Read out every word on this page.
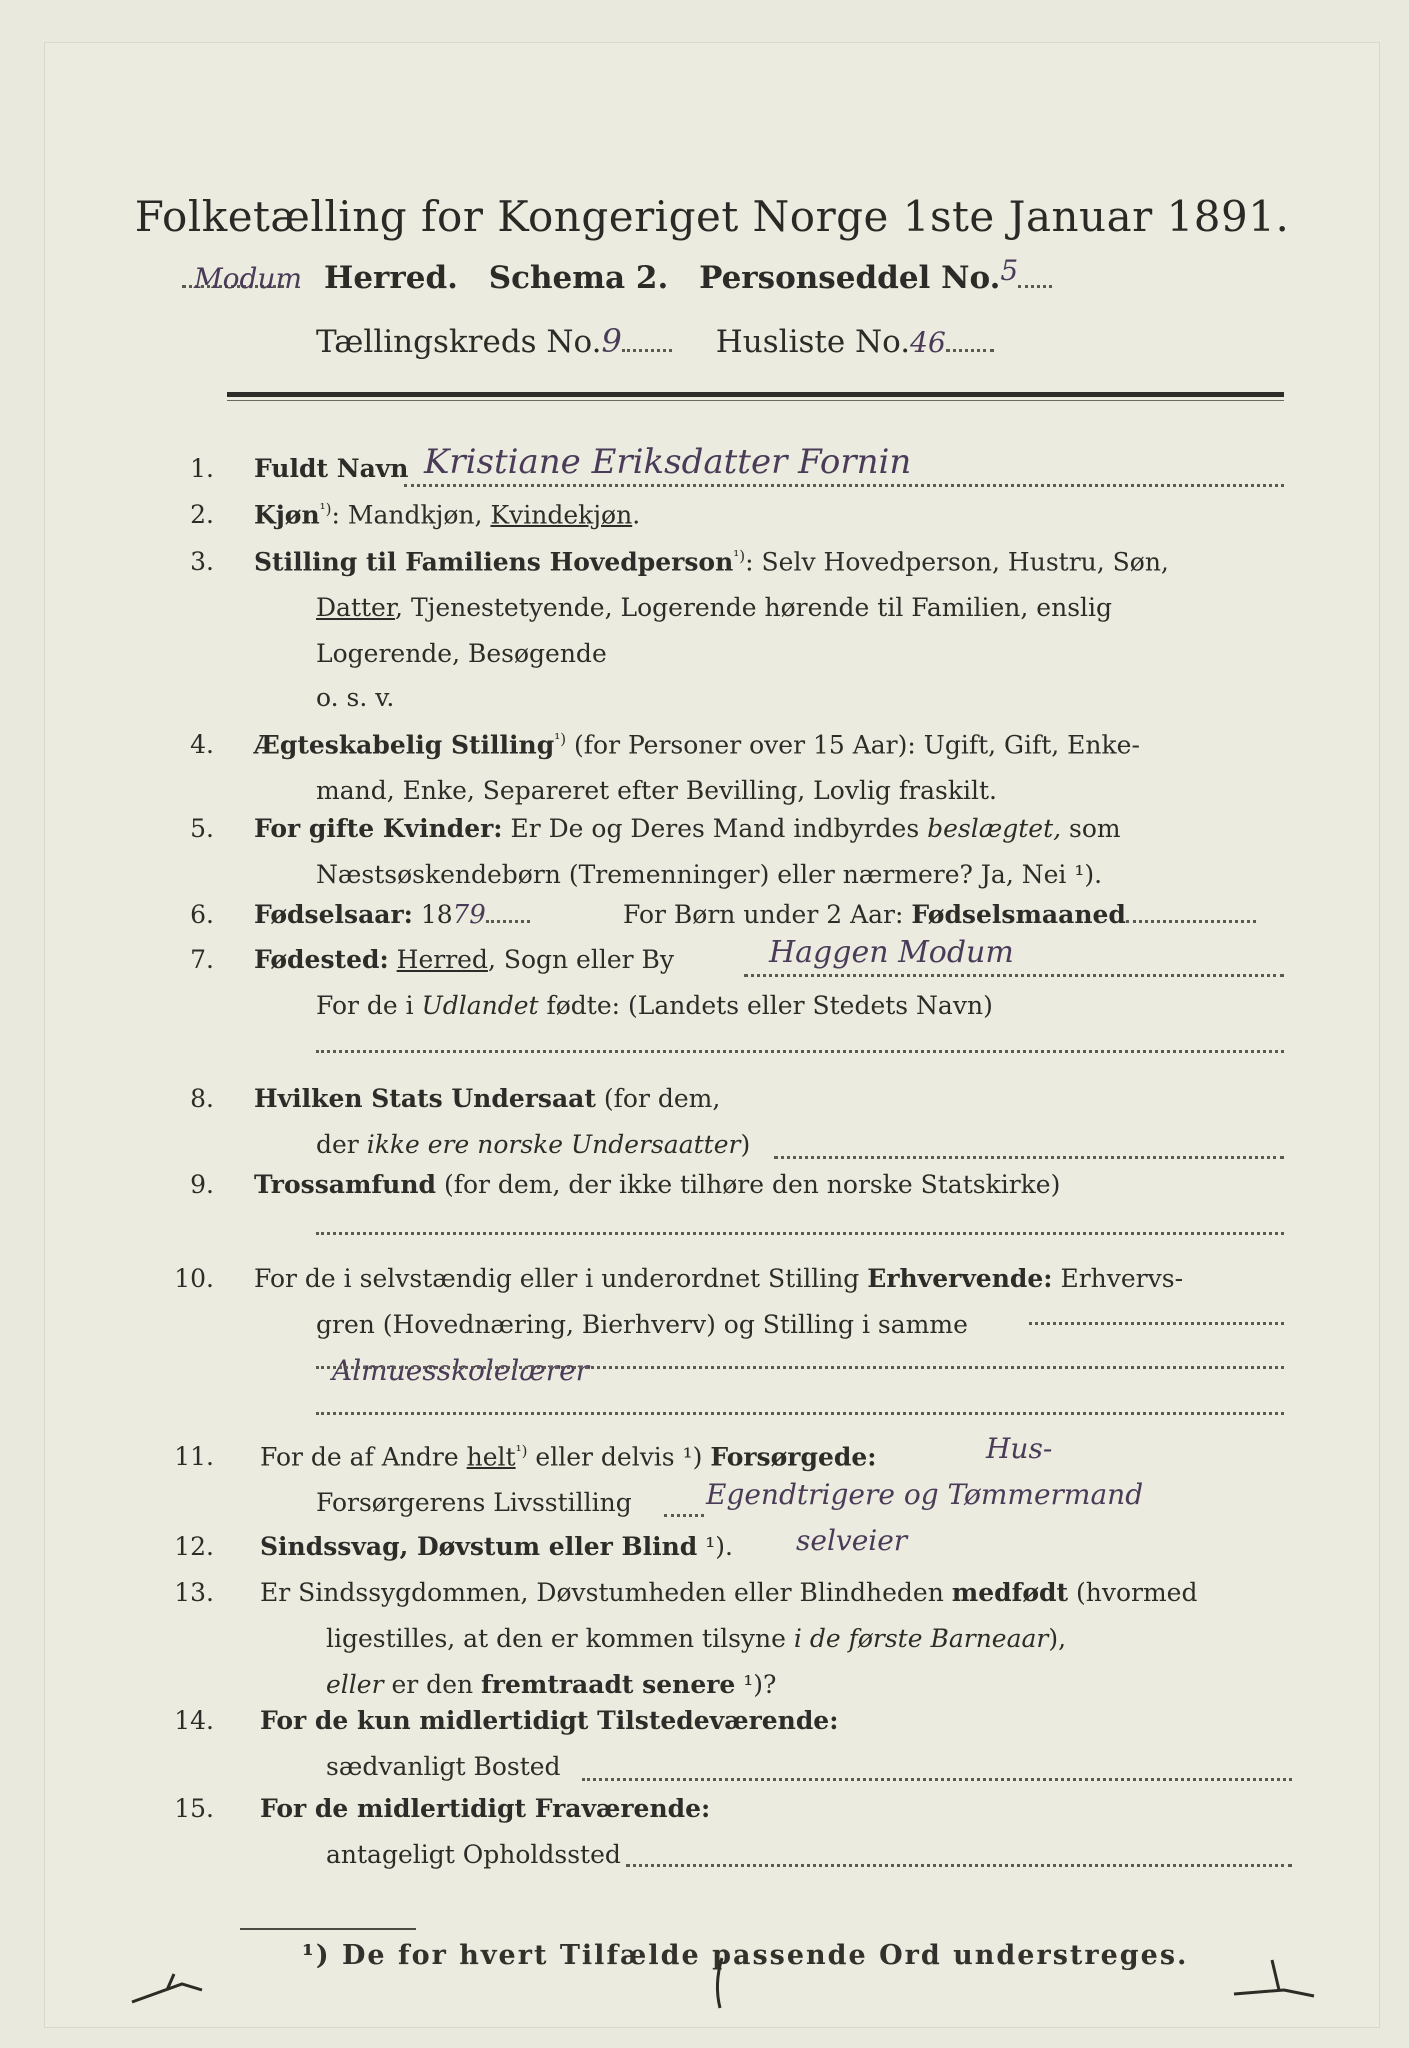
Folketælling for Kongeriget Norge 1ste Januar 1891.
Modum Herred. Schema 2. Personseddel No.5
Tællingskreds No.9	Husliste No.46
1. Fuldt Navn Kristiane Eriksdatter Fornin
2. Kjøn$^{^1)}$: Mandkjøn, Kvindekjøn.
3. Stilling til Familiens Hovedperson$^{^1)}$: Selv Hovedperson, Hustru, Søn,
Datter, Tjenestetyende, Logerende hørende til Familien, enslig
Logerende, Besøgende
o. s. v.
4. Ægteskabelig Stilling$^{^1)}$ (for Personer over 15 Aar): Ugift, Gift, Enke-
mand, Enke, Separeret efter Bevilling, Lovlig fraskilt.
5. For gifte Kvinder: Er De og Deres Mand indbyrdes beslægtet, som
Næstsøskendebørn (Tremenninger) eller nærmere? Ja, Nei ¹).
6. Fødselsaar: 1879	For Børn under 2 Aar: Fødselsmaaned
7. Fødested: Herred, Sogn eller By	Haggen Modum
For de i Udlandet fødte: (Landets eller Stedets Navn)
8. Hvilken Stats Undersaat (for dem,
der ikke ere norske Undersaatter)
9. Trossamfund (for dem, der ikke tilhøre den norske Statskirke)
10. For de i selvstændig eller i underordnet Stilling Erhvervende: Erhvervs-
gren (Hovednæring, Bierhverv) og Stilling i samme
Almuesskolelærer
11. For de af Andre helt$^{^1)}$ eller delvis ¹) Forsørgede:	Hus-
Forsørgerens Livsstilling	Egendtrigere og Tømmermand
selveier
12. Sindssvag, Døvstum eller Blind ¹).
13. Er Sindssygdommen, Døvstumheden eller Blindheden medfødt (hvormed
ligestilles, at den er kommen tilsyne i de første Barneaar),
eller er den fremtraadt senere ¹)?
14. For de kun midlertidigt Tilstedeværende:
sædvanligt Bosted
15. For de midlertidigt Fraværende:
antageligt Opholdssted
¹) De for hvert Tilfælde passende Ord understreges.
